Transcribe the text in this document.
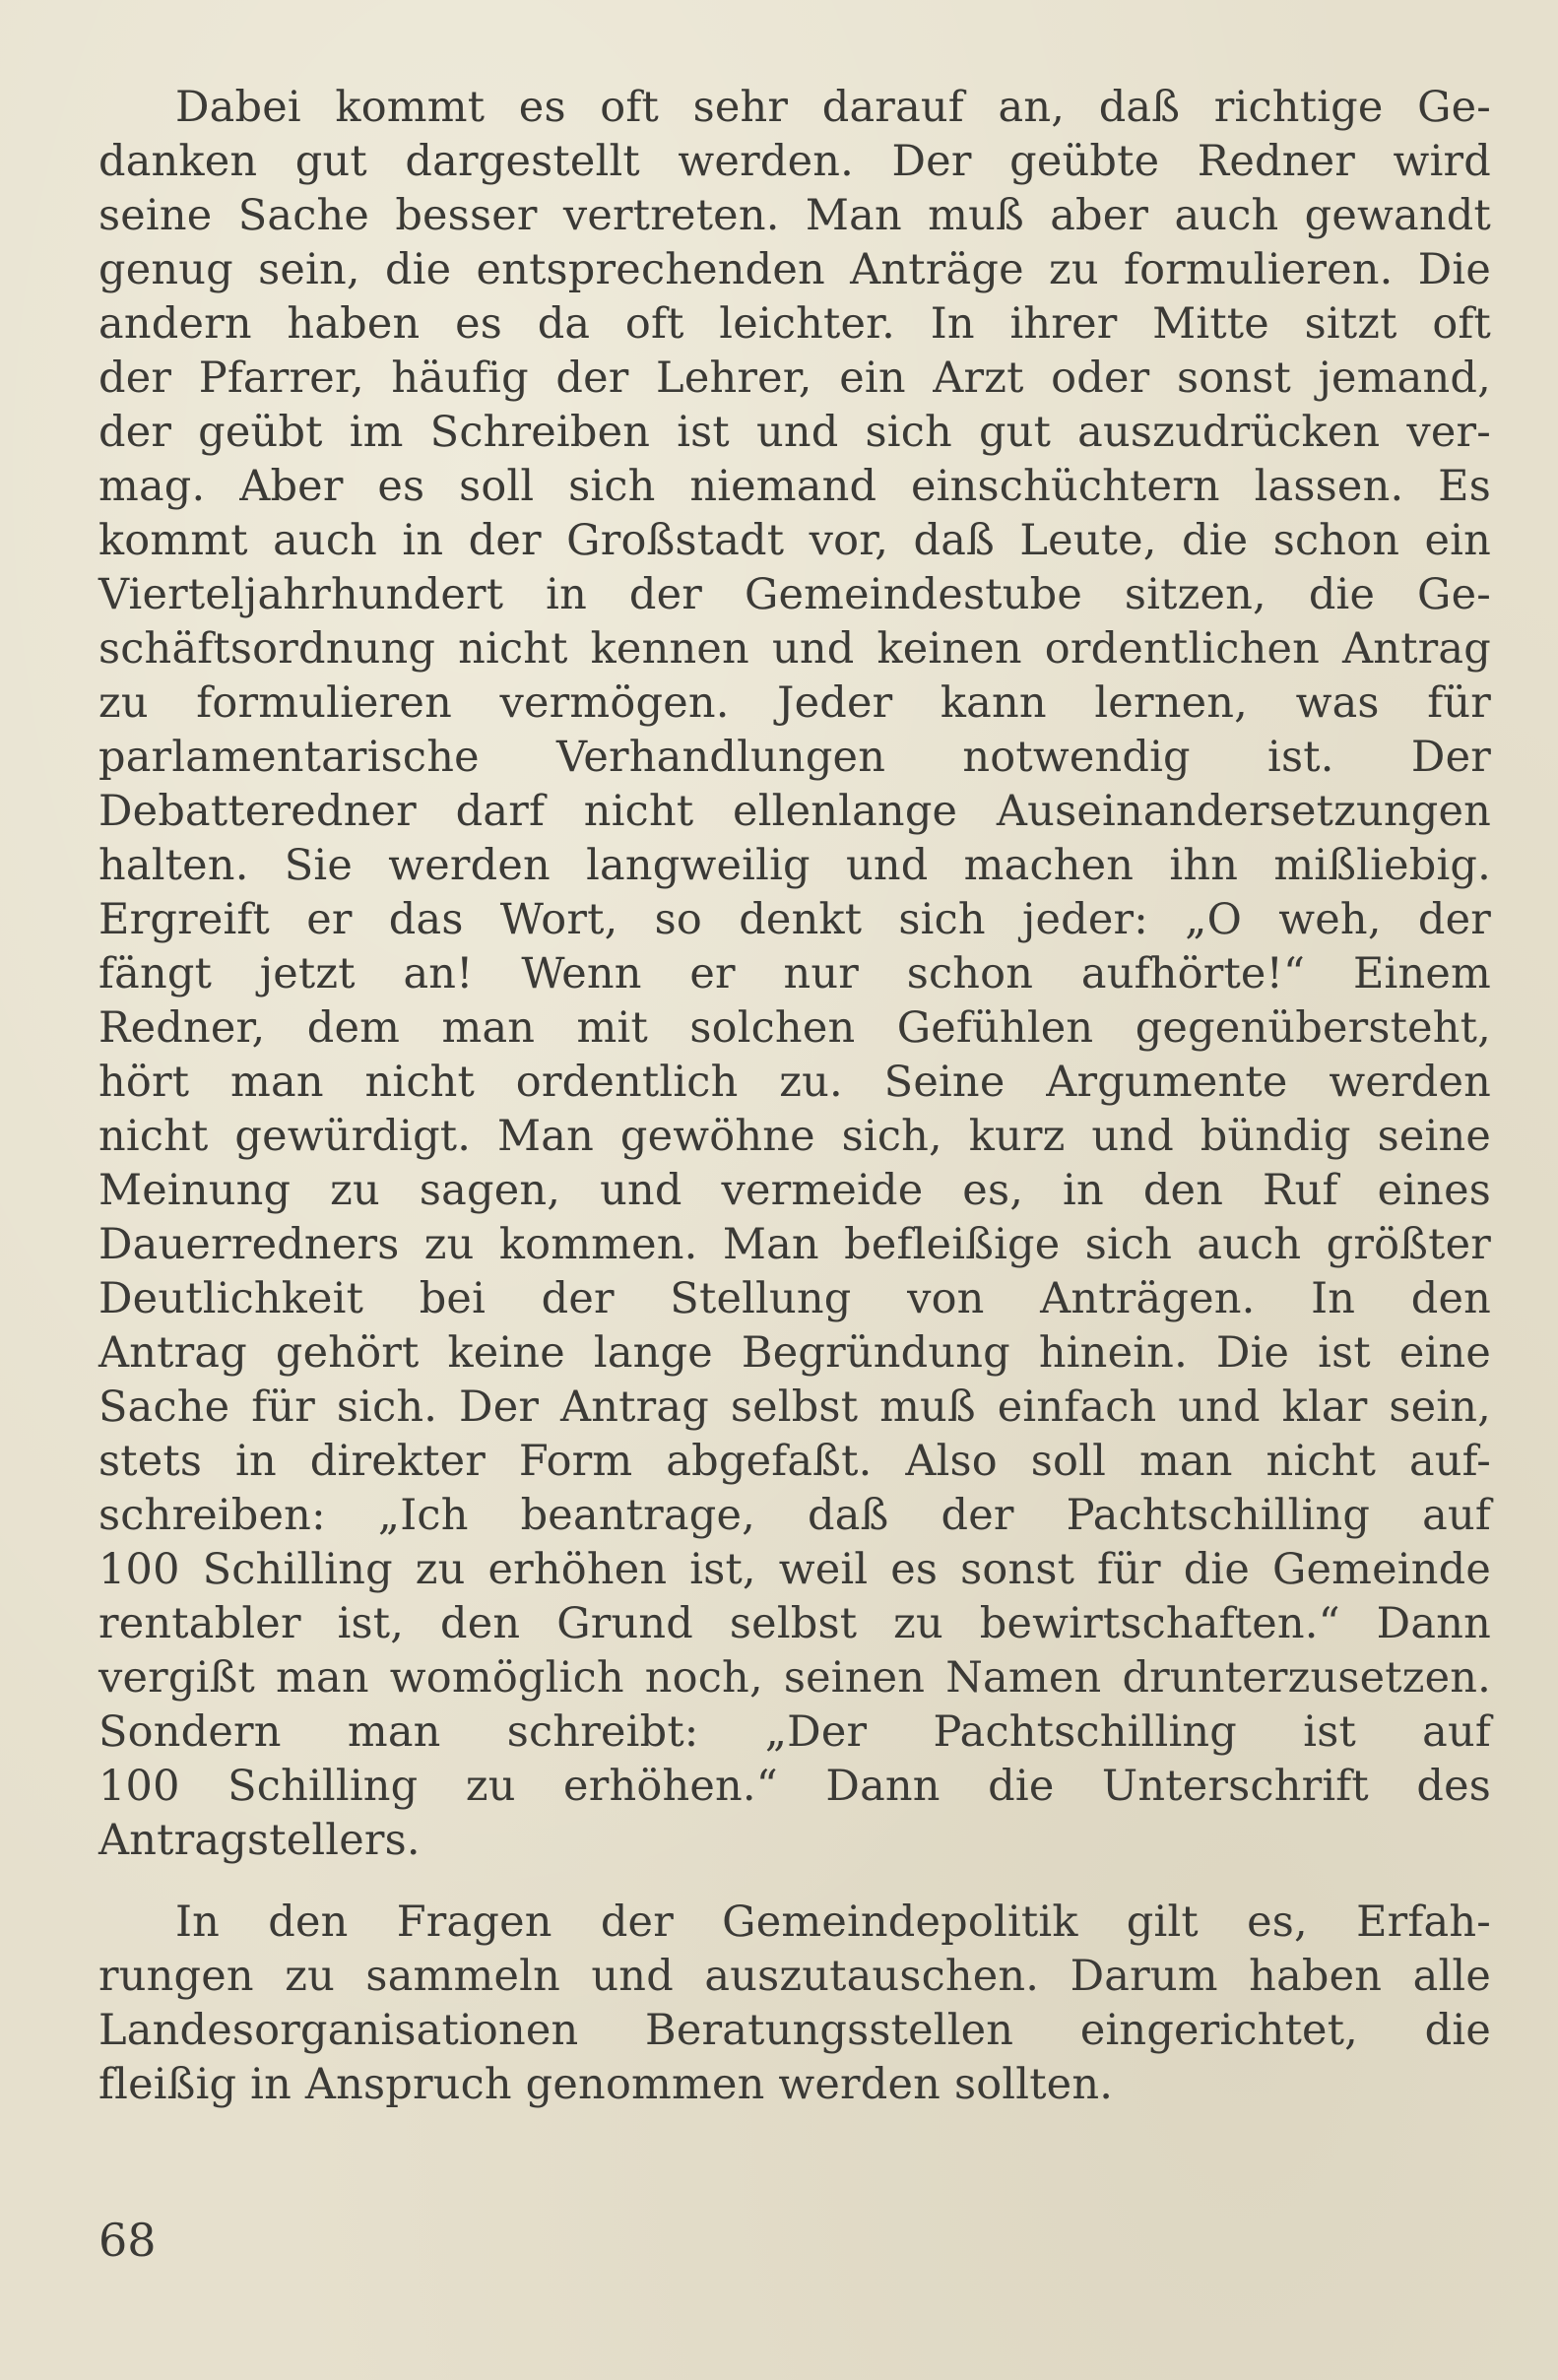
Dabei kommt es oft sehr darauf an, daß richtige Ge-
danken gut dargestellt werden. Der geübte Redner wird
seine Sache besser vertreten. Man muß aber auch gewandt
genug sein, die entsprechenden Anträge zu formulieren. Die
andern haben es da oft leichter. In ihrer Mitte sitzt oft
der Pfarrer, häufig der Lehrer, ein Arzt oder sonst jemand,
der geübt im Schreiben ist und sich gut auszudrücken ver-
mag. Aber es soll sich niemand einschüchtern lassen. Es
kommt auch in der Großstadt vor, daß Leute, die schon ein
Vierteljahrhundert in der Gemeindestube sitzen, die Ge-
schäftsordnung nicht kennen und keinen ordentlichen Antrag
zu formulieren vermögen. Jeder kann lernen, was für
parlamentarische Verhandlungen notwendig ist. Der
Debatteredner darf nicht ellenlange Auseinandersetzungen
halten. Sie werden langweilig und machen ihn mißliebig.
Ergreift er das Wort, so denkt sich jeder: „O weh, der
fängt jetzt an! Wenn er nur schon aufhörte!“ Einem
Redner, dem man mit solchen Gefühlen gegenübersteht,
hört man nicht ordentlich zu. Seine Argumente werden
nicht gewürdigt. Man gewöhne sich, kurz und bündig seine
Meinung zu sagen, und vermeide es, in den Ruf eines
Dauerredners zu kommen. Man befleißige sich auch größter
Deutlichkeit bei der Stellung von Anträgen. In den
Antrag gehört keine lange Begründung hinein. Die ist eine
Sache für sich. Der Antrag selbst muß einfach und klar sein,
stets in direkter Form abgefaßt. Also soll man nicht auf-
schreiben: „Ich beantrage, daß der Pachtschilling auf
100 Schilling zu erhöhen ist, weil es sonst für die Gemeinde
rentabler ist, den Grund selbst zu bewirtschaften.“ Dann
vergißt man womöglich noch, seinen Namen drunterzusetzen.
Sondern man schreibt: „Der Pachtschilling ist auf
100 Schilling zu erhöhen.“ Dann die Unterschrift des
Antragstellers.

In den Fragen der Gemeindepolitik gilt es, Erfah-
rungen zu sammeln und auszutauschen. Darum haben alle
Landesorganisationen Beratungsstellen eingerichtet, die
fleißig in Anspruch genommen werden sollten.

68
